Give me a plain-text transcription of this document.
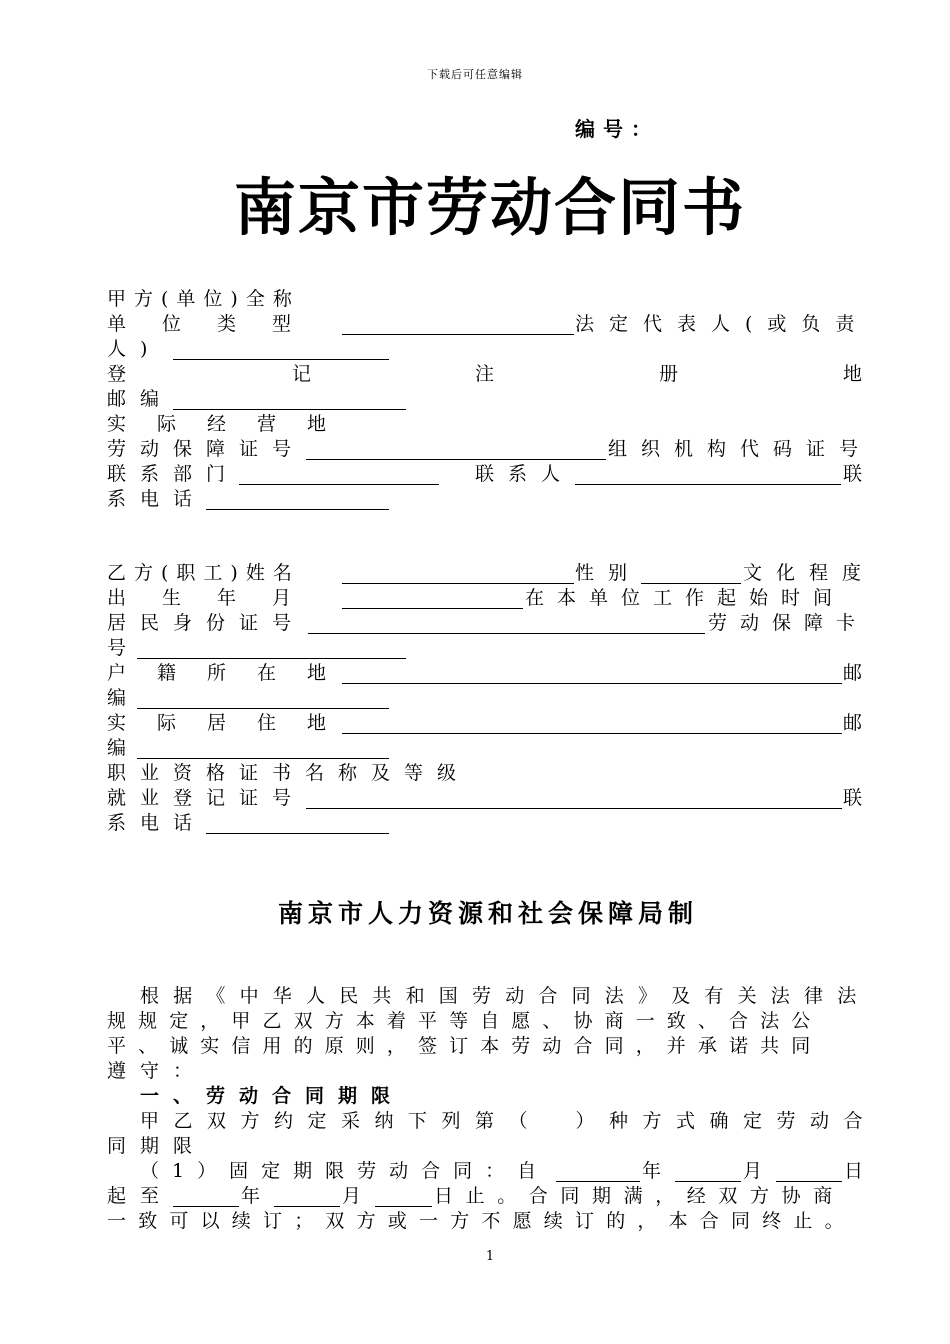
下载后可任意编辑
编号：
南京市劳动合同书
甲方(单位)全称
单位类型	法定代表人(或负责
人)
登	记	注	册	地
邮编
实际经营地
劳动保障证号	组织机构代码证号
联系部门	联系人	联
系电话
乙方(职工)姓名	性别	文化程度
出生年月	在本单位工作起始时间
居民身份证号	劳动保障卡
号
户籍所在地	邮
编
实际居住地	邮
编
职业资格证书名称及等级
就业登记证号	联
系电话
南京市人力资源和社会保障局制
根据《中华人民共和国劳动合同法》及有关法律法
规规定，甲乙双方本着平等自愿、协商一致、合法公
平、诚实信用的原则，签订本劳动合同，并承诺共同
遵守：
一、劳动合同期限
甲乙双方约定采纳下列第（　）种方式确定劳动合
同期限
（1）固定期限劳动合同：自	年	月	日
起至	年	月	日止。合同期满，经双方协商
一致可以续订；双方或一方不愿续订的，本合同终止。
1
